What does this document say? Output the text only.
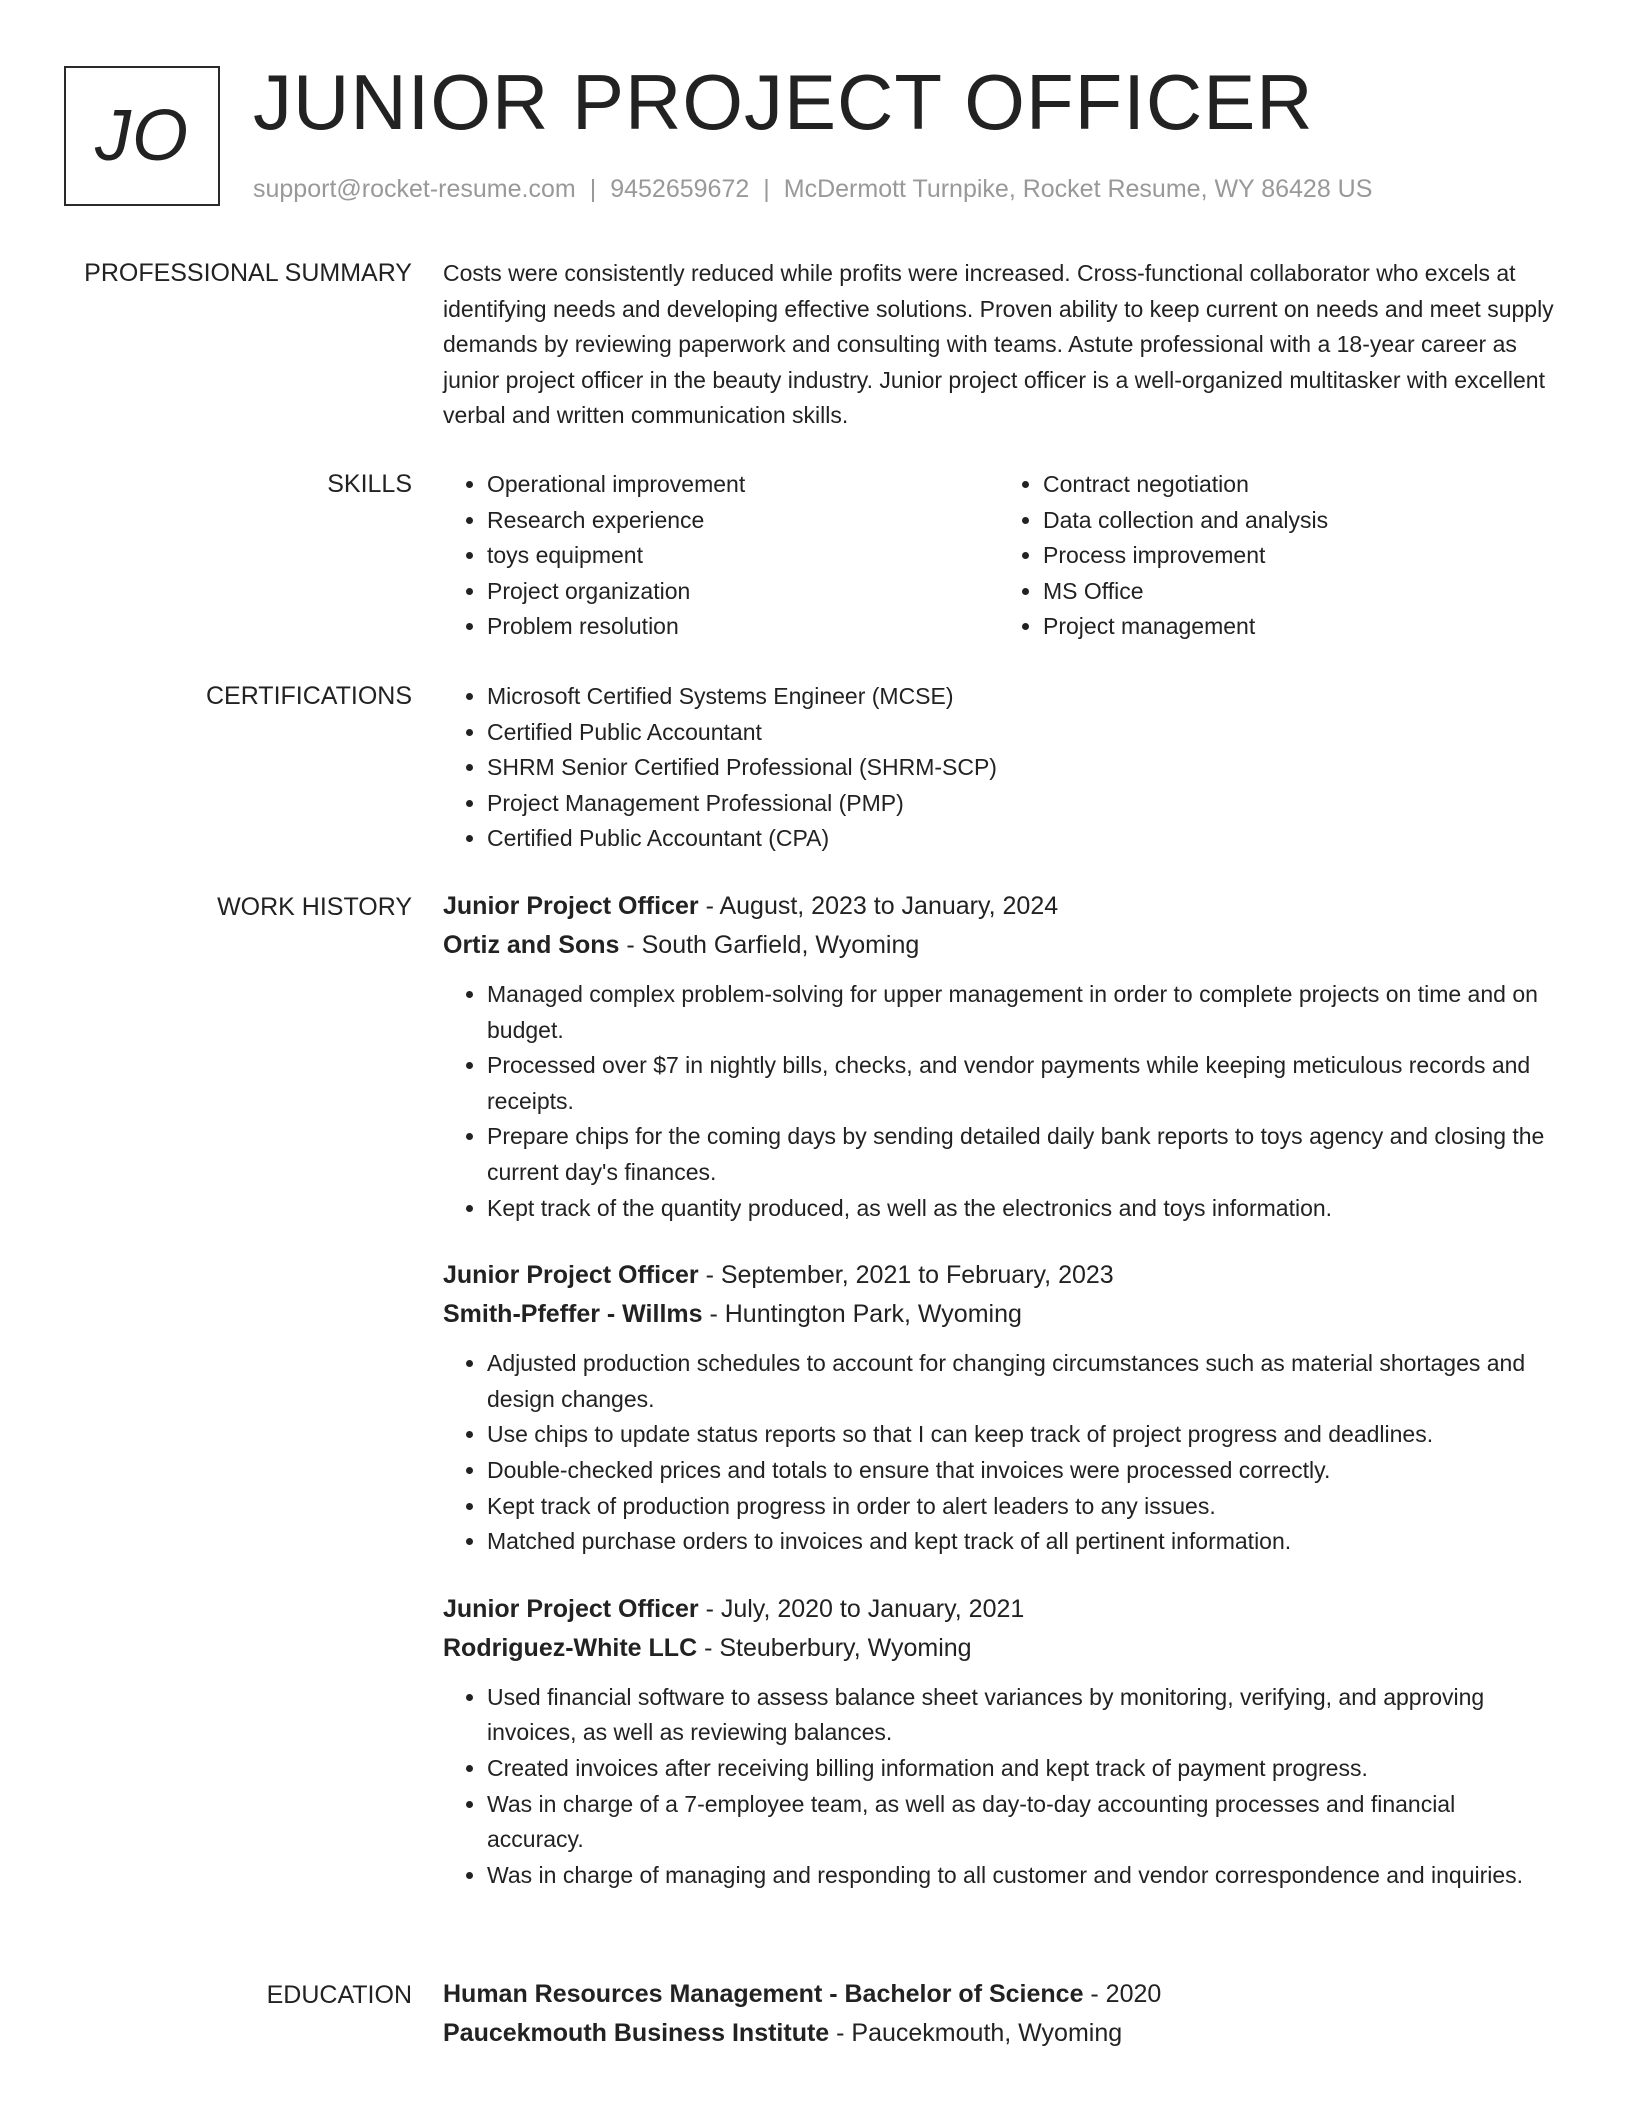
JO JUNIOR PROJECT OFFICER
support@rocket-resume.com | 9452659672 | McDermott Turnpike, Rocket Resume, WY 86428 US
PROFESSIONAL SUMMARY Costs were consistently reduced while profits were increased. Cross-functional collaborator who excels at identifying needs and developing effective solutions. Proven ability to keep current on needs and meet supply demands by reviewing paperwork and consulting with teams. Astute professional with a 18-year career as junior project officer in the beauty industry. Junior project officer is a well-organized multitasker with excellent verbal and written communication skills.

SKILLS	• Operational improvement
• Research experience
• toys equipment
• Project organization
• Problem resolution
• Contract negotiation
• Data collection and analysis
• Process improvement
• MS Office
• Project management
CERTIFICATIONS	• Microsoft Certified Systems Engineer (MCSE)
• Certified Public Accountant
• SHRM Senior Certified Professional (SHRM-SCP)
• Project Management Professional (PMP)
• Certified Public Accountant (CPA)
WORK HISTORY Junior Project Officer - August, 2023 to January, 2024
Ortiz and Sons - South Garfield, Wyoming
• Managed complex problem-solving for upper management in order to complete projects on time and on budget.
• Processed over $7 in nightly bills, checks, and vendor payments while keeping meticulous records and receipts.
• Prepare chips for the coming days by sending detailed daily bank reports to toys agency and closing the current day's finances.
• Kept track of the quantity produced, as well as the electronics and toys information.
Junior Project Officer - September, 2021 to February, 2023
Smith-Pfeffer - Willms - Huntington Park, Wyoming
• Adjusted production schedules to account for changing circumstances such as material shortages and design changes.
• Use chips to update status reports so that I can keep track of project progress and deadlines.
• Double-checked prices and totals to ensure that invoices were processed correctly.
• Kept track of production progress in order to alert leaders to any issues.
• Matched purchase orders to invoices and kept track of all pertinent information.
Junior Project Officer - July, 2020 to January, 2021
Rodriguez-White LLC - Steuberbury, Wyoming
• Used financial software to assess balance sheet variances by monitoring, verifying, and approving invoices, as well as reviewing balances.
• Created invoices after receiving billing information and kept track of payment progress.
• Was in charge of a 7-employee team, as well as day-to-day accounting processes and financial accuracy.
• Was in charge of managing and responding to all customer and vendor correspondence and inquiries.
EDUCATION Human Resources Management - Bachelor of Science - 2020
Paucekmouth Business Institute - Paucekmouth, Wyoming
